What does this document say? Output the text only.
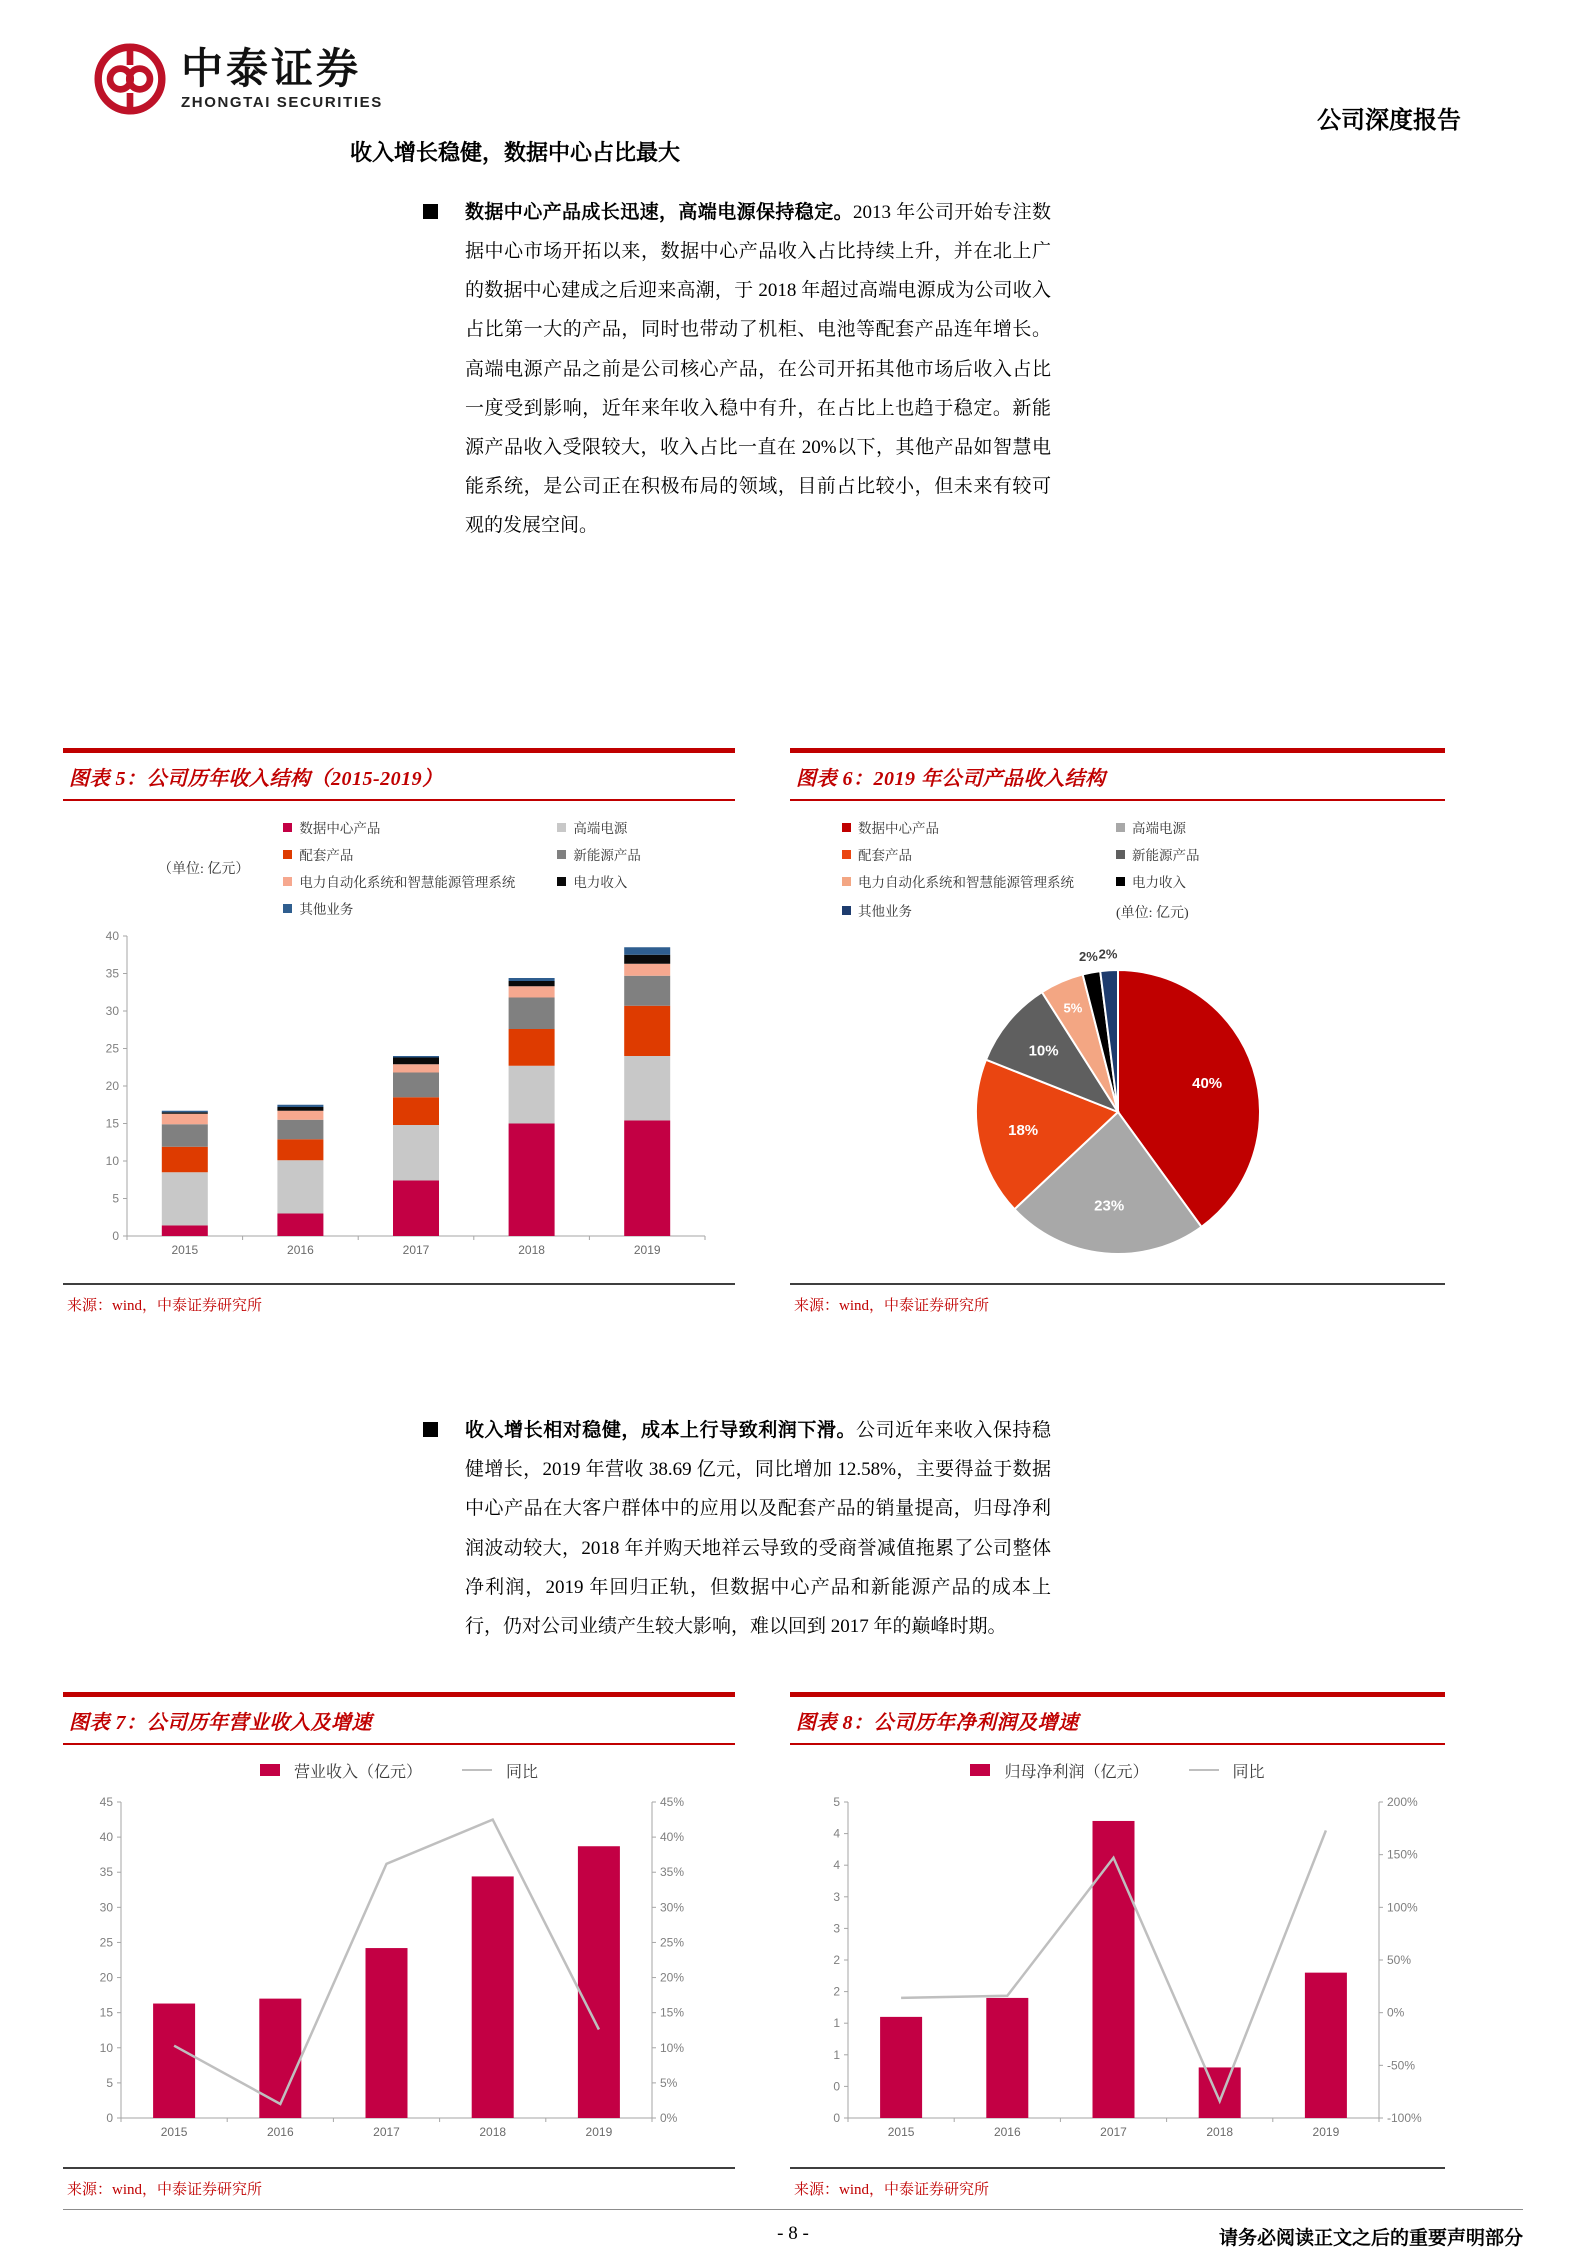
中泰证券
ZHONGTAI SECURITIES
公司深度报告
收入增长稳健，数据中心占比最大

数据中心产品成长迅速，高端电源保持稳定。2013 年公司开始专注数据中心市场开拓以来，数据中心产品收入占比持续上升，并在北上广的数据中心建成之后迎来高潮，于 2018 年超过高端电源成为公司收入占比第一大的产品，同时也带动了机柜、电池等配套产品连年增长。高端电源产品之前是公司核心产品，在公司开拓其他市场后收入占比一度受到影响，近年来年收入稳中有升，在占比上也趋于稳定。新能源产品收入受限较大，收入占比一直在 20%以下，其他产品如智慧电能系统，是公司正在积极布局的领域，目前占比较小，但未来有较可观的发展空间。

图表 5：公司历年收入结构（2015-2019）
（单位: 亿元）
数据中心产品	高端电源
配套产品	新能源产品
电力自动化系统和智慧能源管理系统	电力收入
其他业务
0
5
10
15
20
25
30
35
40
2015	2016	2017	2018	2019
来源：wind，中泰证券研究所
图表 6：2019 年公司产品收入结构
数据中心产品	高端电源
配套产品	新能源产品
电力自动化系统和智慧能源管理系统	电力收入
其他业务	(单位: 亿元)
40%
23%
18%
10%
5%
2% 2%
来源：wind，中泰证券研究所

收入增长相对稳健，成本上行导致利润下滑。公司近年来收入保持稳健增长，2019 年营收 38.69 亿元，同比增加 12.58%，主要得益于数据中心产品在大客户群体中的应用以及配套产品的销量提高，归母净利润波动较大，2018 年并购天地祥云导致的受商誉减值拖累了公司整体净利润，2019 年回归正轨，但数据中心产品和新能源产品的成本上行，仍对公司业绩产生较大影响，难以回到 2017 年的巅峰时期。

图表 7：公司历年营业收入及增速
营业收入（亿元）	同比
45
40
35
30
25
20
15
10
5
0
45%
40%
35%
30%
25%
20%
15%
10%
5%
0%
2015	2016	2017	2018	2019
来源：wind，中泰证券研究所
图表 8：公司历年净利润及增速
归母净利润（亿元）	同比
5
4
4
3
3
2
2
1
1
0
0
200%
150%
100%
50%
0%
-50%
-100%
2015	2016	2017	2018	2019
来源：wind，中泰证券研究所
- 8 -	请务必阅读正文之后的重要声明部分
